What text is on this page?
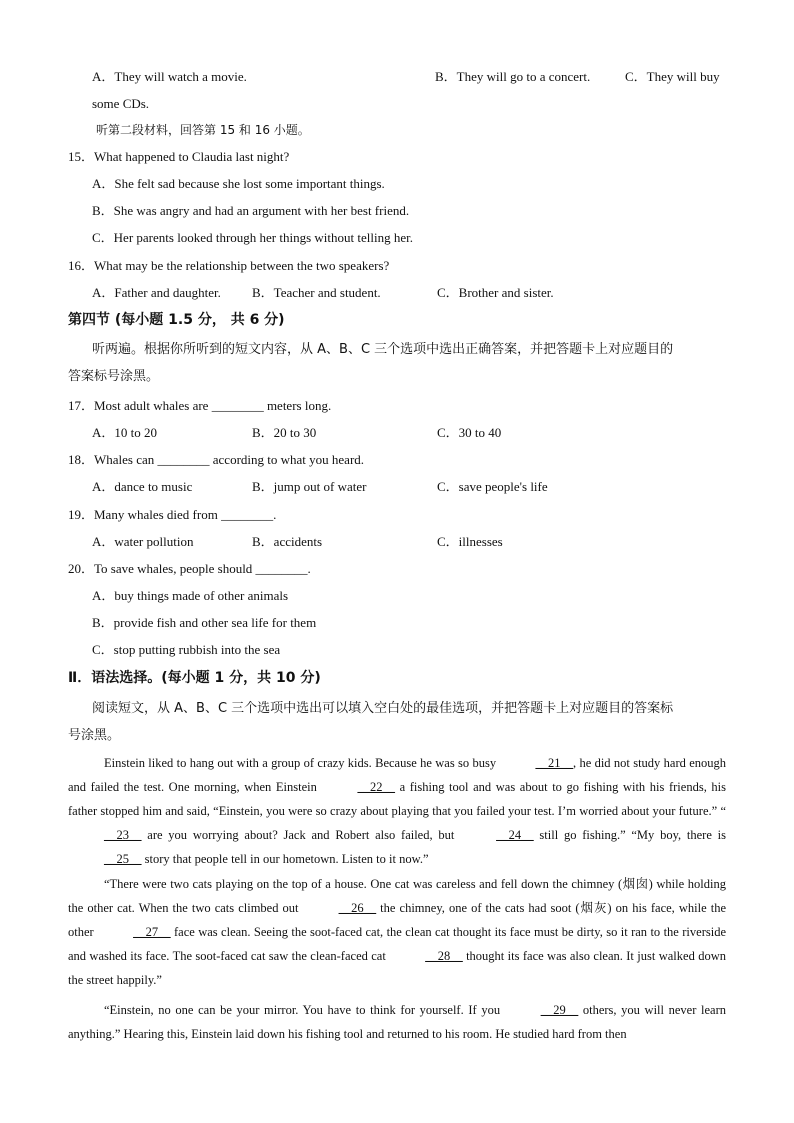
A．They will watch a movie.	B．They will go to a concert.	C．They will buy
some CDs.
听第二段材料，回答第 15 和 16 小题。
15．What happened to Claudia last night?
A．She felt sad because she lost some important things.
B．She was angry and had an argument with her best friend.
C．Her parents looked through her things without telling her.
16．What may be the relationship between the two speakers?
A．Father and daughter. B．Teacher and student.	C．Brother and sister.
第四节 (每小题 1.5 分， 共 6 分)
听两遍。根据你所听到的短文内容，从 A、B、C 三个选项中选出正确答案，并把答题卡上对应题目的
答案标号涂黑。
17．Most adult whales are ________ meters long.
A．10 to 20	B．20 to 30	C．30 to 40
18．Whales can ________ according to what you heard.
A．dance to music	B．jump out of water	C．save people's life
19．Many whales died from ________.
A．water pollution	B．accidents	C．illnesses
20．To save whales, people should ________.
A．buy things made of other animals
B．provide fish and other sea life for them
C．stop putting rubbish into the sea
Ⅱ．语法选择。(每小题 1 分，共 10 分)
阅读短文，从 A、B、C 三个选项中选出可以填入空白处的最佳选项，并把答题卡上对应题目的答案标
号涂黑。
Einstein liked to hang out with a group of crazy kids. Because he was so busy	__21__, he did not study hard enough and failed the test. One morning, when Einstein	__22__ a fishing tool and was about to go fishing with his friends, his father stopped him and said, “Einstein, you were so crazy about playing that you failed your test. I’m worried about your future.” “__23__ are you worrying about? Jack and Robert also failed, but	__24__ still go fishing.” “My boy, there is __25__ story that people tell in our hometown. Listen to it now.”
“There were two cats playing on the top of a house. One cat was careless and fell down the chimney (烟囱) while holding the other cat. When the two cats climbed out	__26__ the chimney, one of the cats had soot (烟灰) on his face, while the other	__27__ face was clean. Seeing the soot-faced cat, the clean cat thought its face must be dirty, so it ran to the riverside and washed its face. The soot-faced cat saw the clean-faced cat	__28__ thought its face was also clean. It just walked down the street happily.”
“Einstein, no one can be your mirror. You have to think for yourself. If you	__29__ others, you will never learn anything.” Hearing this, Einstein laid down his fishing tool and returned to his room. He studied hard from then
